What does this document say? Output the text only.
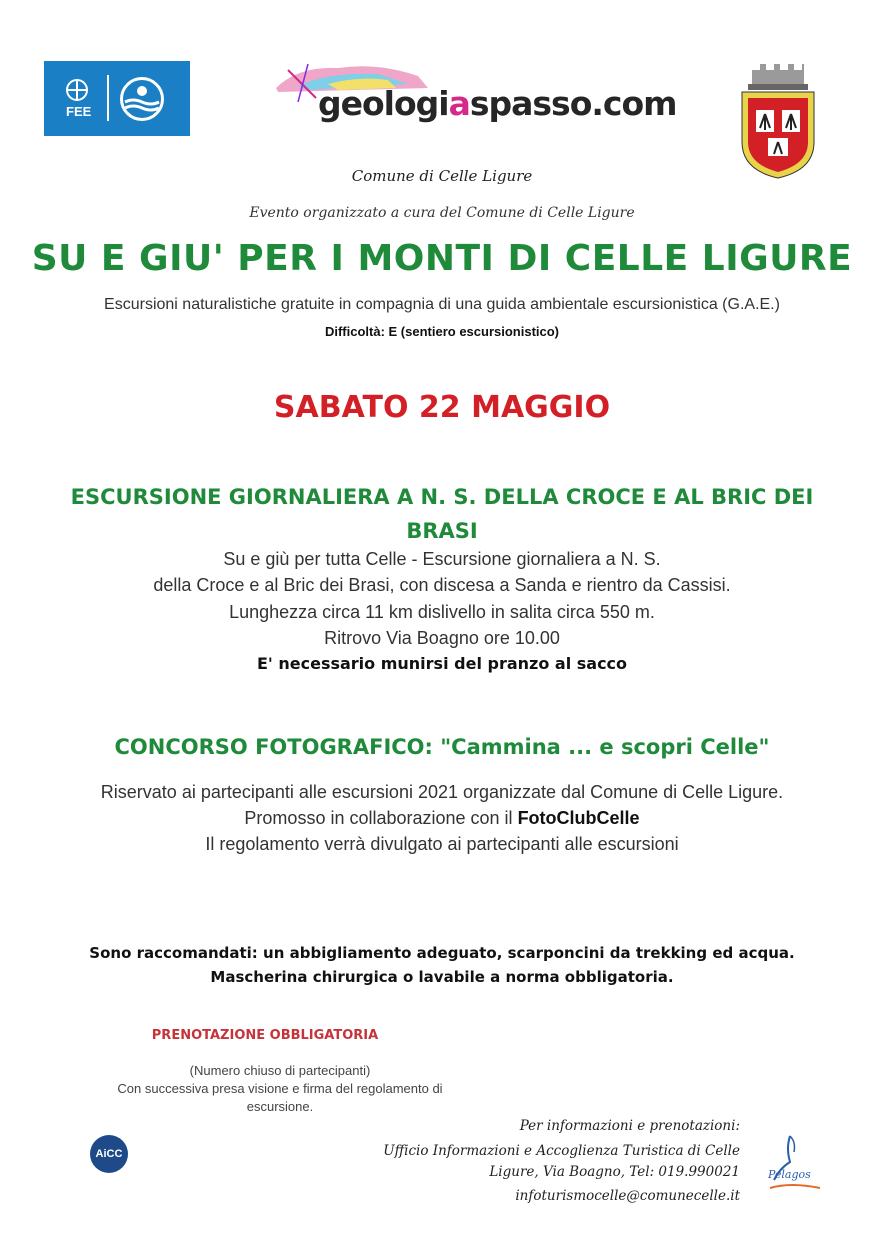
FEE	geologiaspasso.com
Comune di Celle Ligure
Evento organizzato a cura del Comune di Celle Ligure
SU E GIU' PER I MONTI DI CELLE LIGURE
Escursioni naturalistiche gratuite in compagnia di una guida ambientale escursionistica (G.A.E.)
Difficoltà: E (sentiero escursionistico)
SABATO 22 MAGGIO
ESCURSIONE GIORNALIERA A N. S. DELLA CROCE E AL BRIC DEI BRASI
Su e giù per tutta Celle - Escursione giornaliera a N. S.
della Croce e al Bric dei Brasi, con discesa a Sanda e rientro da Cassisi.
Lunghezza circa 11 km dislivello in salita circa 550 m.
Ritrovo Via Boagno ore 10.00
E' necessario munirsi del pranzo al sacco
CONCORSO FOTOGRAFICO: "Cammina ... e scopri Celle"
Riservato ai partecipanti alle escursioni 2021 organizzate dal Comune di Celle Ligure.
Promosso in collaborazione con il FotoClubCelle
Il regolamento verrà divulgato ai partecipanti alle escursioni
Sono raccomandati: un abbigliamento adeguato, scarponcini da trekking ed acqua.
Mascherina chirurgica o lavabile a norma obbligatoria.
PRENOTAZIONE OBBLIGATORIA
(Numero chiuso di partecipanti)
Con successiva presa visione e firma del regolamento di escursione.
Per informazioni e prenotazioni:
Ufficio Informazioni e Accoglienza Turistica di Celle
Ligure, Via Boagno, Tel: 019.990021
infoturismocelle@comunecelle.it
AiCC
Pelagos
